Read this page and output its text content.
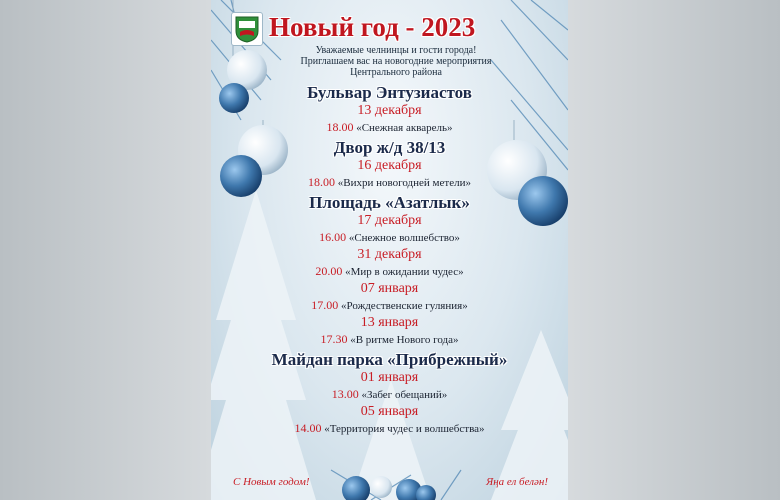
Новый год - 2023
Уважаемые челнинцы и гости города!
Приглашаем вас на новогодние мероприятия
Центрального района
Бульвар Энтузиастов
13 декабря
18.00 «Снежная акварель»
Двор ж/д 38/13
16 декабря
18.00 «Вихри новогодней метели»
Площадь «Азатлык»
17 декабря
16.00 «Снежное волшебство»
31 декабря
20.00 «Мир в ожидании чудес»
07 января
17.00 «Рождественские гуляния»
13 января
17.30 «В ритме Нового года»
Майдан парка «Прибрежный»
01 января
13.00 «Забег обещаний»
05 января
14.00 «Территория чудес и волшебства»
С Новым годом!	Яңа ел белән!
